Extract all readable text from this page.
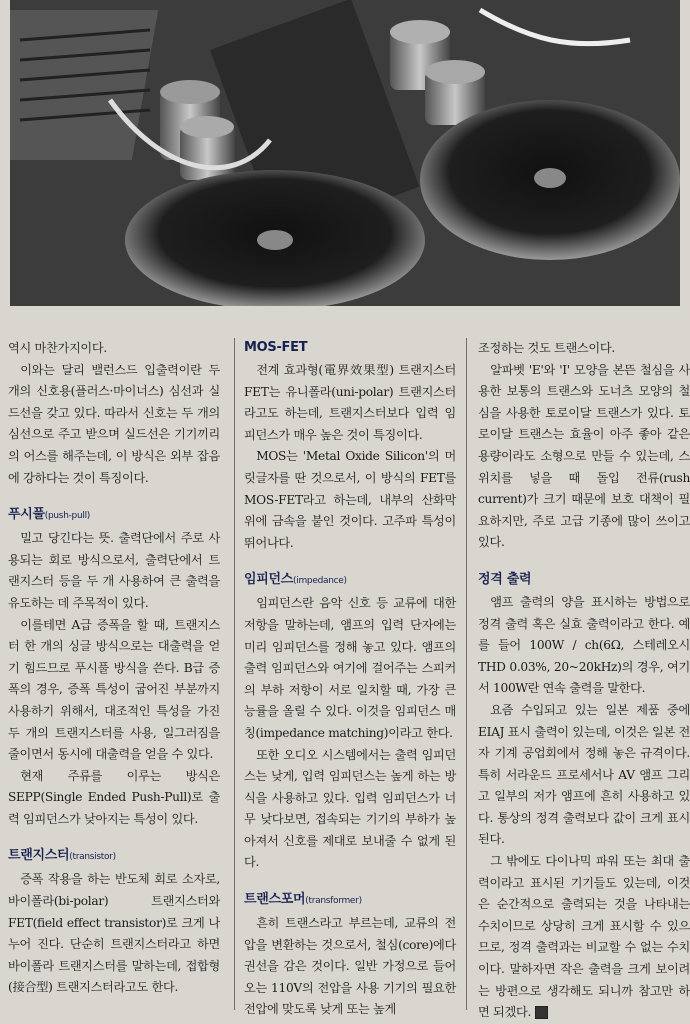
역시 마찬가지이다.

이와는 달리 밸런스드 입출력이란 두 개의 신호용(플러스·마이너스) 심선과 실드선을 갖고 있다. 따라서 신호는 두 개의 심선으로 주고 받으며 실드선은 기기끼리의 어스를 해주는데, 이 방식은 외부 잡음에 강하다는 것이 특징이다.

푸시풀(push-pull)

밀고 당긴다는 뜻. 출력단에서 주로 사용되는 회로 방식으로서, 출력단에서 트랜지스터 등을 두 개 사용하여 큰 출력을 유도하는 데 주목적이 있다.

이를테면 A급 증폭을 할 때, 트랜지스터 한 개의 싱글 방식으로는 대출력을 얻기 힘드므로 푸시풀 방식을 쓴다. B급 증폭의 경우, 증폭 특성이 굽어진 부분까지 사용하기 위해서, 대조적인 특성을 가진 두 개의 트랜지스터를 사용, 일그러짐을 줄이면서 동시에 대출력을 얻을 수 있다.

현재 주류를 이루는 방식은 SEPP(Single Ended Push-Pull)로 출력 임피던스가 낮아지는 특성이 있다.

트랜지스터(transistor)

증폭 작용을 하는 반도체 회로 소자로, 바이폴라(bi-polar) 트랜지스터와 FET(field effect transistor)로 크게 나누어 진다. 단순히 트랜지스터라고 하면 바이폴라 트랜지스터를 말하는데, 접합형(接合型) 트랜지스터라고도 한다.

MOS-FET

전계 효과형(電界效果型) 트랜지스터 FET는 유니폴라(uni-polar) 트랜지스터라고도 하는데, 트랜지스터보다 입력 임피던스가 매우 높은 것이 특징이다.

MOS는 'Metal Oxide Silicon'의 머릿글자를 딴 것으로서, 이 방식의 FET를 MOS-FET라고 하는데, 내부의 산화막 위에 금속을 붙인 것이다. 고주파 특성이 뛰어나다.

임피던스(impedance)

임피던스란 음악 신호 등 교류에 대한 저항을 말하는데, 앰프의 입력 단자에는 미리 임피던스를 정해 놓고 있다. 앰프의 출력 임피던스와 여기에 걸어주는 스피커의 부하 저항이 서로 일치할 때, 가장 큰 능률을 올릴 수 있다. 이것을 임피던스 매칭(impedance matching)이라고 한다.

또한 오디오 시스템에서는 출력 임피던스는 낮게, 입력 임피던스는 높게 하는 방식을 사용하고 있다. 입력 임피던스가 너무 낮다보면, 접속되는 기기의 부하가 높아져서 신호를 제대로 보내줄 수 없게 된다.

트랜스포머(transformer)

흔히 트랜스라고 부르는데, 교류의 전압을 변환하는 것으로서, 철심(core)에다 권선을 감은 것이다. 일반 가정으로 들어오는 110V의 전압을 사용 기기의 필요한 전압에 맞도록 낮게 또는 높게

조정하는 것도 트랜스이다.

알파벳 'E'와 'I' 모양을 본뜬 철심을 사용한 보통의 트랜스와 도너츠 모양의 철심을 사용한 토로이달 트랜스가 있다. 토로이달 트랜스는 효율이 아주 좋아 같은 용량이라도 소형으로 만들 수 있는데, 스위치를 넣을 때 돌입 전류(rush current)가 크기 때문에 보호 대책이 필요하지만, 주로 고급 기종에 많이 쓰이고 있다.

정격 출력

앰프 출력의 양을 표시하는 방법으로 정격 출력 혹은 실효 출력이라고 한다. 예를 들어 100W / ch(6Ω, 스테레오시 THD 0.03%, 20~20kHz)의 경우, 여기서 100W란 연속 출력을 말한다.

요즘 수입되고 있는 일본 제품 중에 EIAJ 표시 출력이 있는데, 이것은 일본 전자 기계 공업회에서 정해 놓은 규격이다. 특히 서라운드 프로세서나 AV 앰프 그리고 일부의 저가 앰프에 흔히 사용하고 있다. 통상의 정격 출력보다 값이 크게 표시된다.

그 밖에도 다이나믹 파워 또는 최대 출력이라고 표시된 기기들도 있는데, 이것은 순간적으로 출력되는 것을 나타내는 수치이므로 상당히 크게 표시할 수 있으므로, 정격 출력과는 비교할 수 없는 수치이다. 말하자면 작은 출력을 크게 보이려는 방편으로 생각해도 되니까 참고만 하면 되겠다.
